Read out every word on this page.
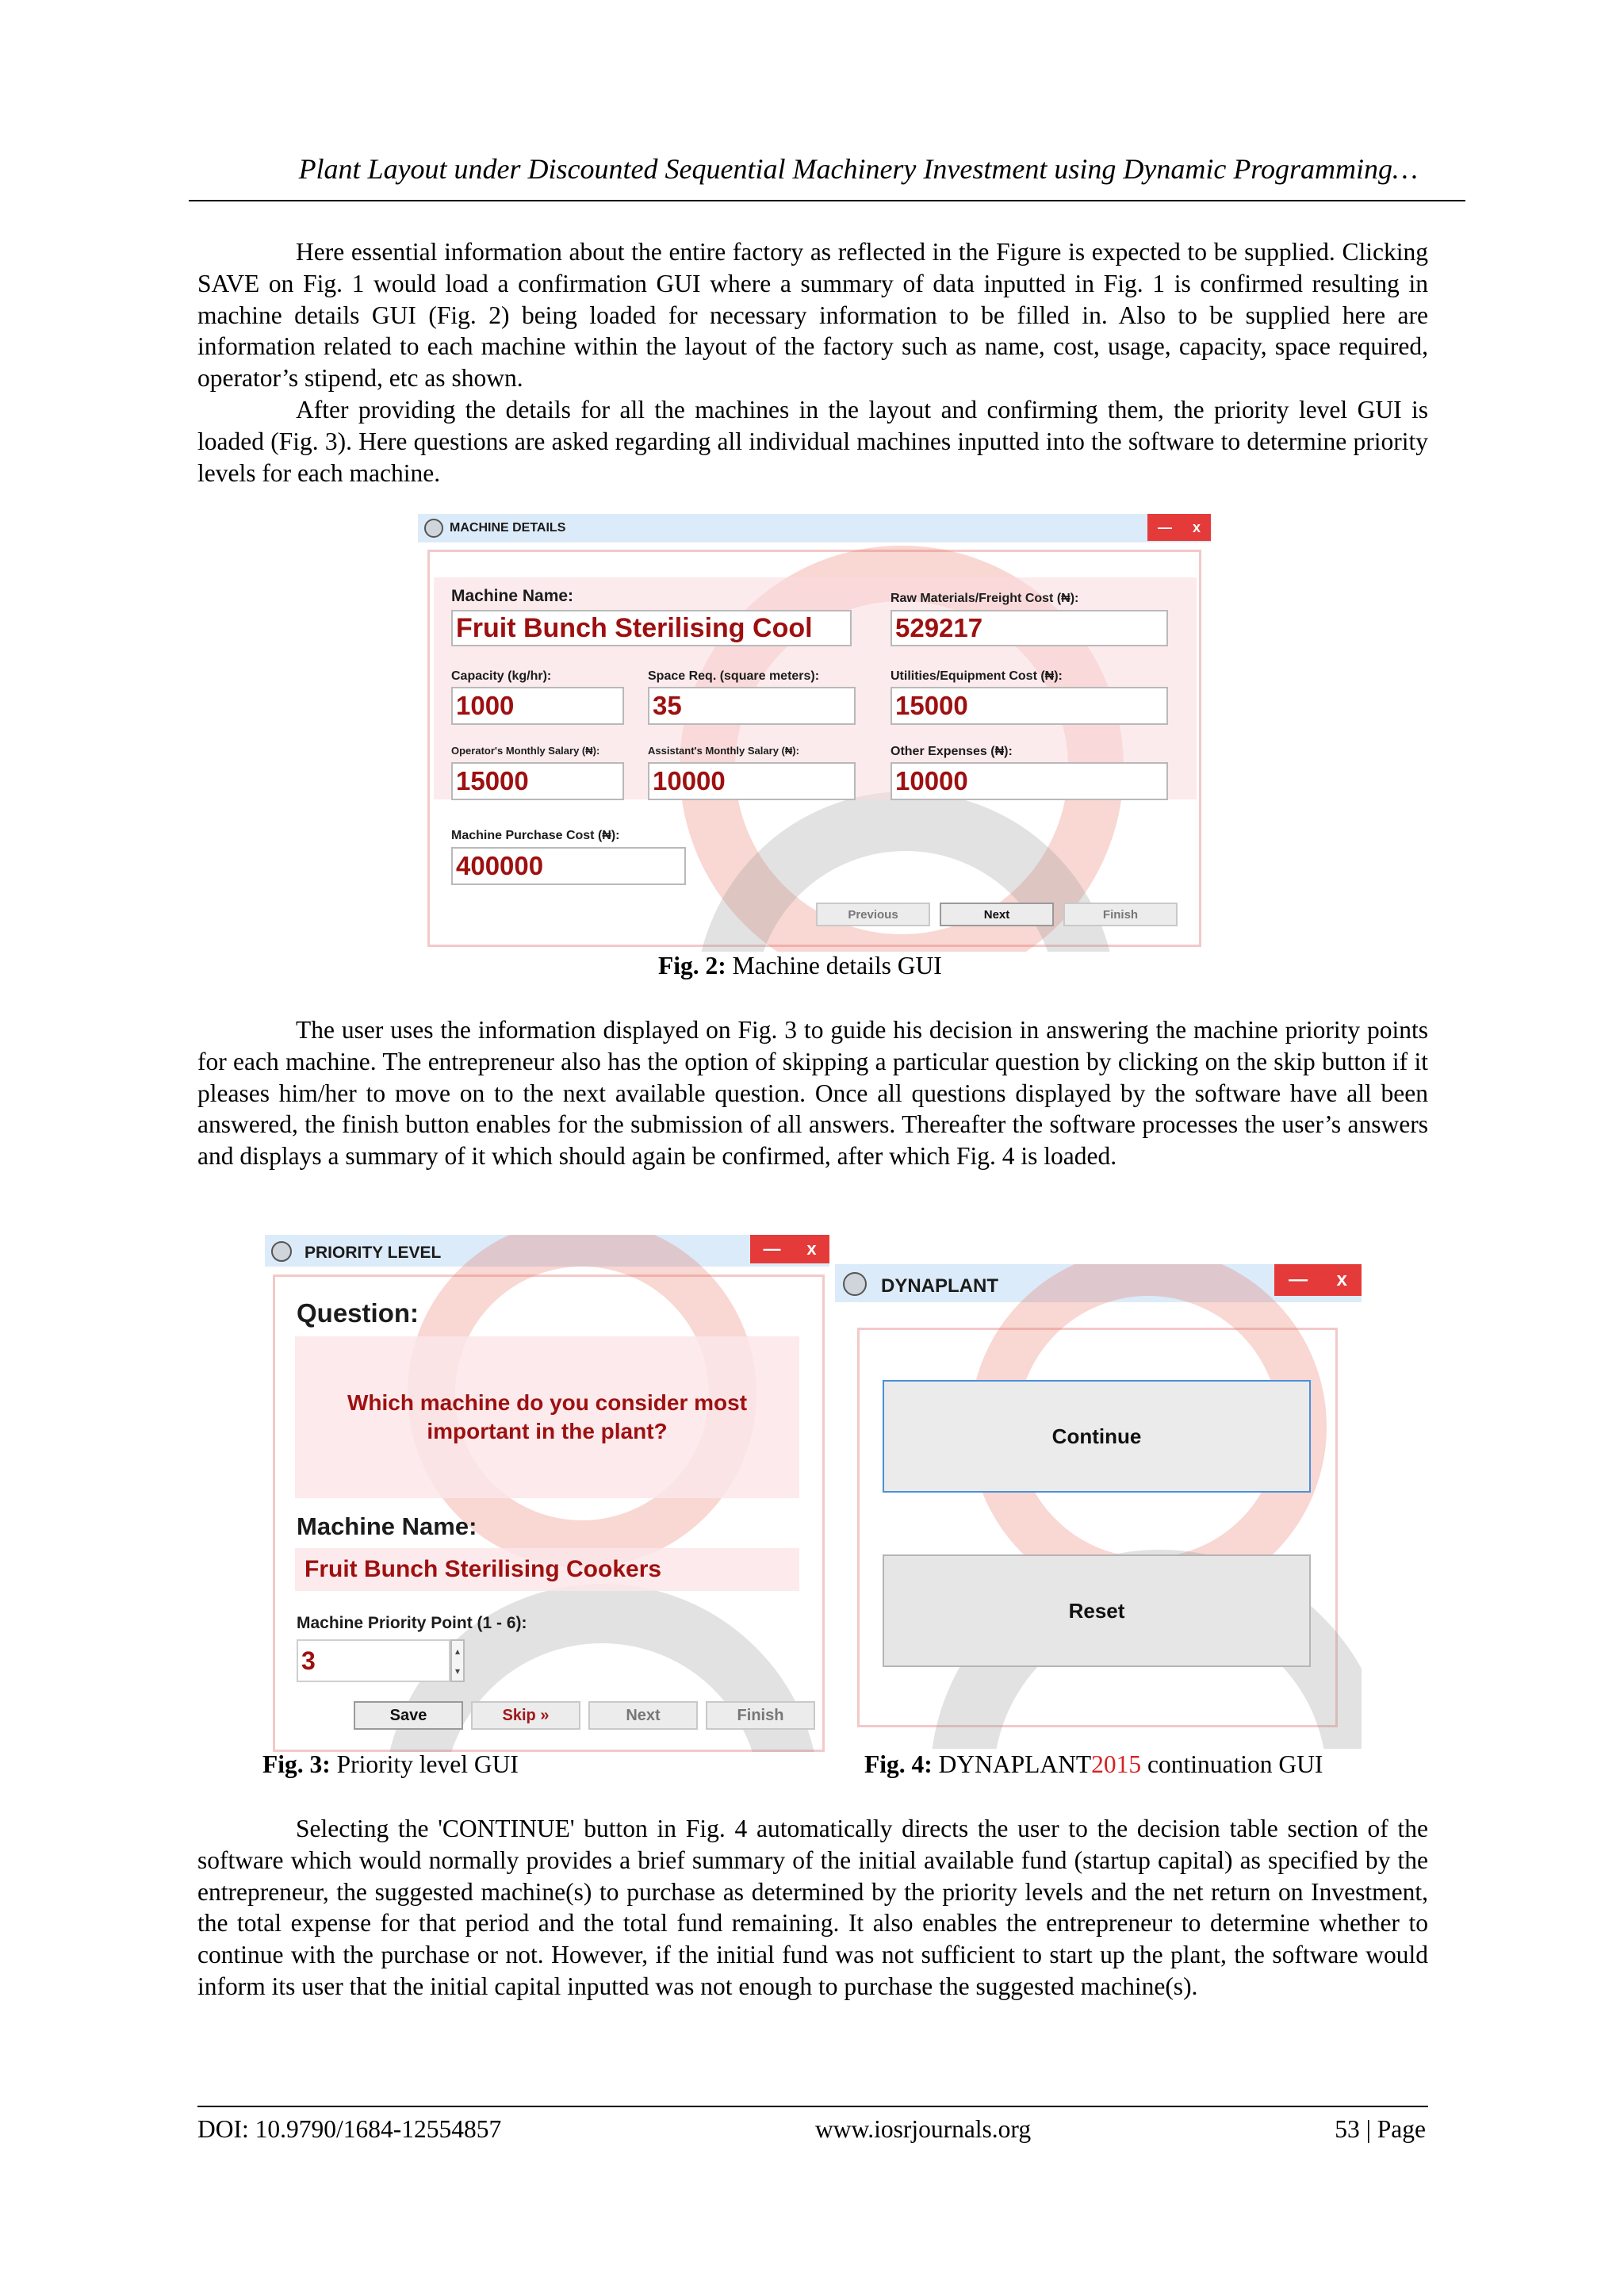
Plant Layout under Discounted Sequential Machinery Investment using Dynamic Programming…

Here essential information about the entire factory as reflected in the Figure is expected to be supplied. Clicking SAVE on Fig. 1 would load a confirmation GUI where a summary of data inputted in Fig. 1 is confirmed resulting in machine details GUI (Fig. 2) being loaded for necessary information to be filled in. Also to be supplied here are information related to each machine within the layout of the factory such as name, cost, usage, capacity, space required, operator’s stipend, etc as shown.

After providing the details for all the machines in the layout and confirming them, the priority level GUI is loaded (Fig. 3). Here questions are asked regarding all individual machines inputted into the software to determine priority levels for each machine.

MACHINE DETAILS	— x
Machine Name:
Fruit Bunch Sterilising Cool
Capacity (kg/hr):
1000
Space Req. (square meters):
35
Operator's Monthly Salary (₦):
15000
Assistant's Monthly Salary (₦):
10000
Machine Purchase Cost (₦):
400000
Raw Materials/Freight Cost (₦):
529217
Utilities/Equipment Cost (₦):
15000
Other Expenses (₦):
10000
Previous	Next	Finish
Fig. 2: Machine details GUI

The user uses the information displayed on Fig. 3 to guide his decision in answering the machine priority points for each machine. The entrepreneur also has the option of skipping a particular question by clicking on the skip button if it pleases him/her to move on to the next available question. Once all questions displayed by the software have all been answered, the finish button enables for the submission of all answers. Thereafter the software processes the user’s answers and displays a summary of it which should again be confirmed, after which Fig. 4 is loaded.

PRIORITY LEVEL	— x
Question:
Which machine do you consider most important in the plant?
Machine Name:
Fruit Bunch Sterilising Cookers
Machine Priority Point (1 - 6):
3	▴
▾
Save	Skip »	Next	Finish
DYNAPLANT	— x
Continue
Reset
Fig. 3: Priority level GUI	Fig. 4: DYNAPLANT2015 continuation GUI

Selecting the 'CONTINUE' button in Fig. 4 automatically directs the user to the decision table section of the software which would normally provides a brief summary of the initial available fund (startup capital) as specified by the entrepreneur, the suggested machine(s) to purchase as determined by the priority levels and the net return on Investment, the total expense for that period and the total fund remaining. It also enables the entrepreneur to determine whether to continue with the purchase or not. However, if the initial fund was not sufficient to start up the plant, the software would inform its user that the initial capital inputted was not enough to purchase the suggested machine(s).

DOI: 10.9790/1684-12554857	www.iosrjournals.org	53 | Page
